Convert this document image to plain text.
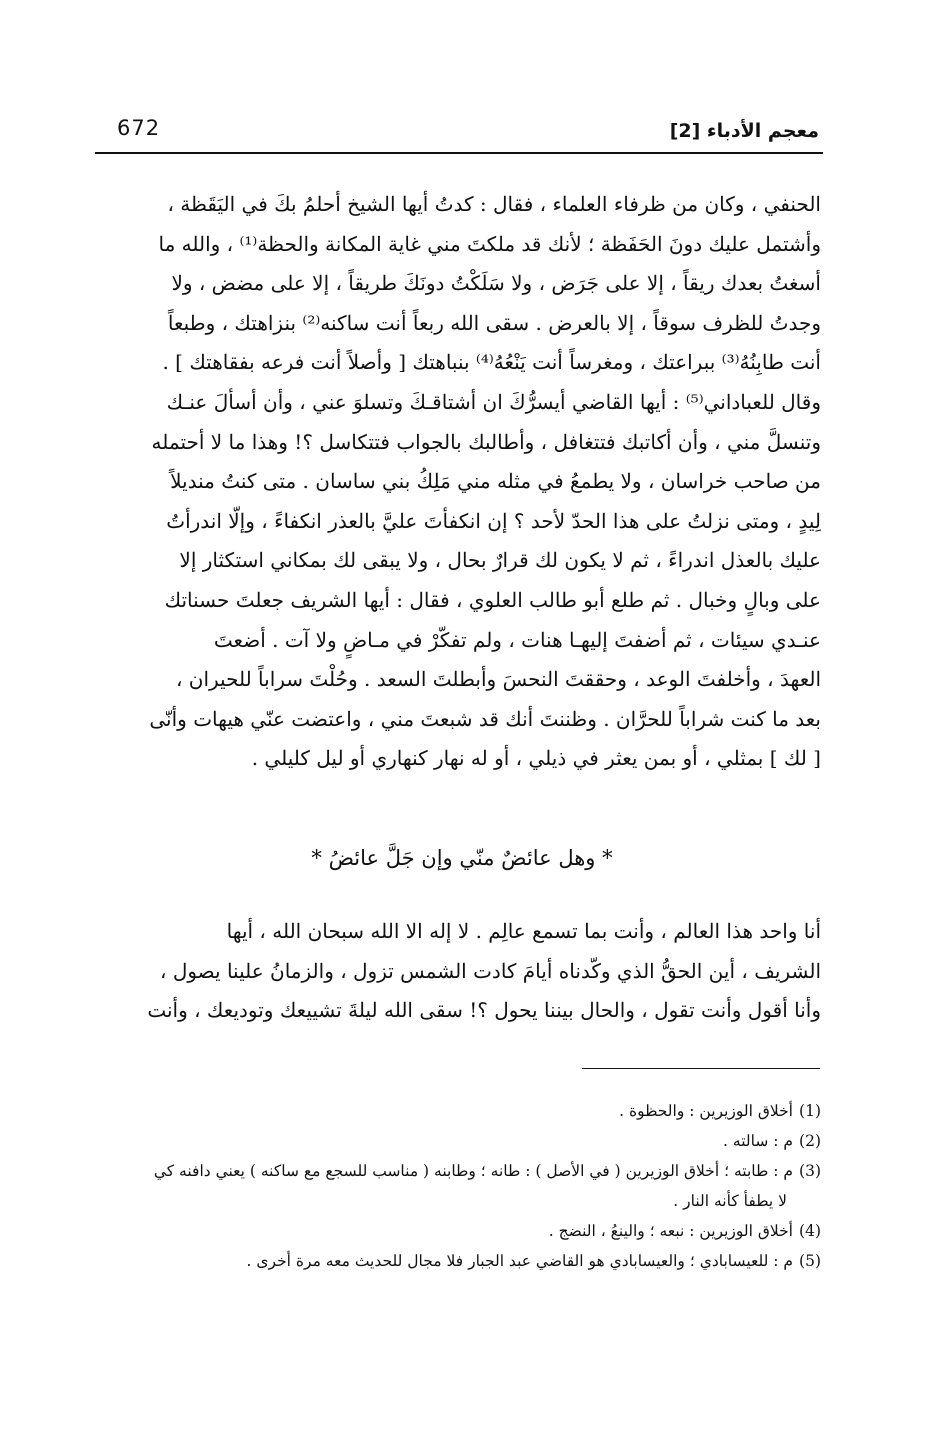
معجم الأدباء [2]
672
الحنفي ، وكان من ظرفاء العلماء ، فقال : كدتُ أيها الشيخ أحلمُ بكَ في اليَقَظة ،
وأشتمل عليك دونَ الحَفَظة ؛ لأنك قد ملكتَ مني غاية المكانة والحظة⁽¹⁾ ، والله ما
أسغتُ بعدك ريقاً ، إلا على جَرَض ، ولا سَلَكْتُ دونَكَ طريقاً ، إلا على مضض ، ولا
وجدتُ للظرف سوقاً ، إلا بالعرض . سقى الله ربعاً أنت ساكنه⁽²⁾ بنزاهتك ، وطبعاً
أنت طابِنُهُ⁽³⁾ ببراعتك ، ومغرساً أنت يَنْعُهُ⁽⁴⁾ بنباهتك [ وأصلاً أنت فرعه بفقاهتك ] .
وقال للعباداني⁽⁵⁾ : أيها القاضي أيسرُّكَ ان أشتاقـكَ وتسلوَ عني ، وأن أسألَ عنـك
وتنسلَّ مني ، وأن أكاتبك فتتغافل ، وأطالبك بالجواب فتتكاسل ؟! وهذا ما لا أحتمله
من صاحب خراسان ، ولا يطمعُ في مثله مني مَلِكُ بني ساسان . متى كنتُ منديلاً
لِيدٍ ، ومتى نزلتُ على هذا الحدّ لأحد ؟ إن انكفأتَ عليَّ بالعذر انكفاءً ، وإلّا اندرأتُ
عليك بالعذل اندراءً ، ثم لا يكون لك قرارٌ بحال ، ولا يبقى لك بمكاني استكثار إلا
على وبالٍ وخبال . ثم طلع أبو طالب العلوي ، فقال : أيها الشريف جعلتَ حسناتك
عنـدي سيئات ، ثم أضفتَ إليهـا هنات ، ولم تفكّرْ في مـاضٍ ولا آت . أضعتَ
العهدَ ، وأخلفتَ الوعد ، وحققتَ النحسَ وأبطلتَ السعد . وحُلْتَ سراباً للحيران ،
بعد ما كنت شراباً للحرَّان . وظننتَ أنك قد شبعتَ مني ، واعتضت عنّي هيهات وأنّى
[ لك ] بمثلي ، أو بمن يعثر في ذيلي ، أو له نهار كنهاري أو ليل كليلي .
* وهل عائضٌ منّي وإن جَلَّ عائضُ *
أنا واحد هذا العالم ، وأنت بما تسمع عالِم . لا إله الا الله سبحان الله ، أيها
الشريف ، أين الحقُّ الذي وكّدناه أيامَ كادت الشمس تزول ، والزمانُ علينا يصول ،
وأنا أقول وأنت تقول ، والحال بيننا يحول ؟! سقى الله ليلةَ تشييعك وتوديعك ، وأنت
(1)أخلاق الوزيرين : والحظوة .
(2)م : سالته .
(3)م : طابته ؛ أخلاق الوزيرين ( في الأصل ) : طانه ؛ وطابنه ( مناسب للسجع مع ساكنه ) يعني دافنه كي
لا يطفأ كأنه النار .
(4)أخلاق الوزيرين : نبعه ؛ والينعُ ، النضج .
(5)م : للعيسابادي ؛ والعيسابادي هو القاضي عبد الجبار فلا مجال للحديث معه مرة أخرى .
